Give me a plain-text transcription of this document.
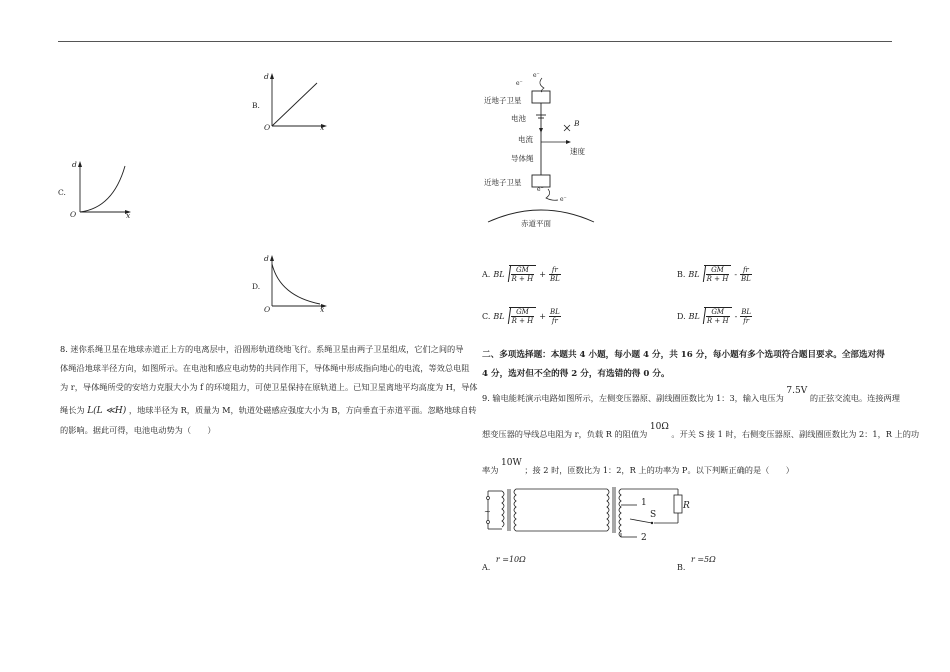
B.
d
O	x
C.
d
O	x
D.
d
O	x
8. 迷你系绳卫星在地球赤道正上方的电离层中，沿圆形轨道绕地飞行。系绳卫星由两子卫星组成，它们之间的导
体绳沿地球半径方向，如图所示。在电池和感应电动势的共同作用下，导体绳中形成指向地心的电流，等效总电阻
为 r，导体绳所受的安培力克服大小为 f 的环境阻力，可使卫星保持在原轨道上。已知卫星离地平均高度为 H，导体
绳长为 L(L ≪H) ，地球半径为 R，质量为 M，轨道处磁感应强度大小为 B，方向垂直于赤道平面。忽略地球自转
的影响。据此可得，电池电动势为（　　）
e⁻
e⁻
近地子卫星
电池
B
电流
速度
导体绳
近地子卫星
e⁻
e⁻
赤道平面
A. BL $\frac{GM}{R + H} + \frac{fr}{BL}$	B. BL $\frac{GM}{R + H} - \frac{fr}{BL}$
C. BL $\frac{GM}{R + H} + \frac{BL}{fr}$	D. BL $\frac{GM}{R + H} - \frac{BL}{fr}$
二、多项选择题：本题共 4 小题，每小题 4 分，共 16 分，每小题有多个选项符合题目要求。全部选对得
4 分，选对但不全的得 2 分，有选错的得 0 分。
9. 输电能耗演示电路如图所示，左侧变压器原、副线圈匝数比为 1：3，输入电压为 7.5V 的正弦交流电。连接两理
想变压器的导线总电阻为 r，负载 R 的阻值为 10Ω 。开关 S 接 1 时，右侧变压器原、副线圈匝数比为 2：1，R 上的功
率为 10W ；接 2 时，匝数比为 1：2，R 上的功率为 P。以下判断正确的是（　　）
~
1
S
R
2
A. r =10Ω
B. r =5Ω
